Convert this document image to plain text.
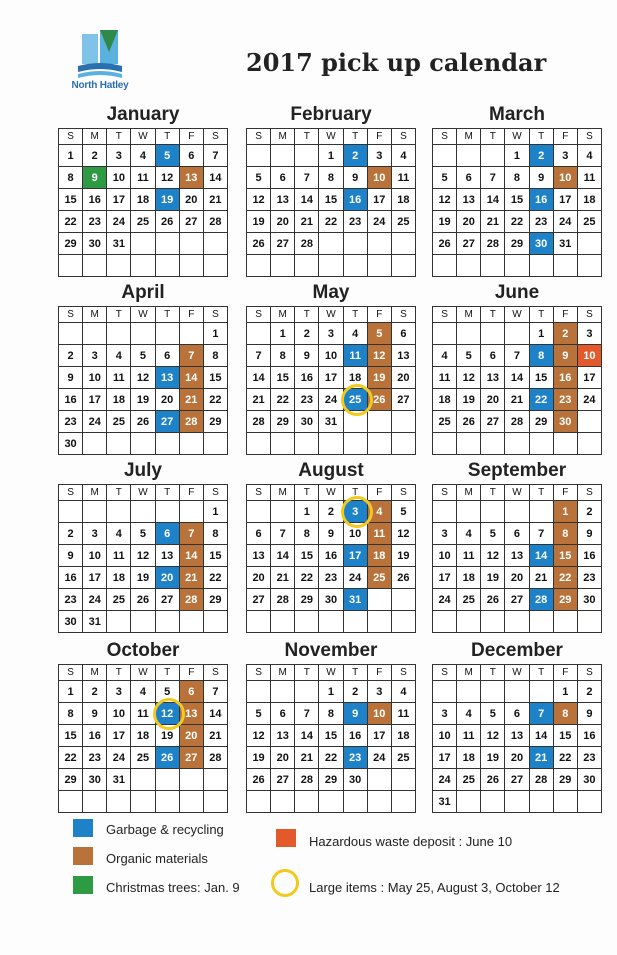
North Hatley
2017 pick up calendar
January
S	M	T	W	T	F	S
1	2	3	4	5	6	7
8	9	10	11	12	13	14
15	16	17	18	19	20	21
22	23	24	25	26	27	28
29	30	31				

February
S	M	T	W	T	F	S
			1	2	3	4
5	6	7	8	9	10	11
12	13	14	15	16	17	18
19	20	21	22	23	24	25
26	27	28				

March
S	M	T	W	T	F	S
			1	2	3	4
5	6	7	8	9	10	11
12	13	14	15	16	17	18
19	20	21	22	23	24	25
26	27	28	29	30	31	

April
S	M	T	W	T	F	S
						1
2	3	4	5	6	7	8
9	10	11	12	13	14	15
16	17	18	19	20	21	22
23	24	25	26	27	28	29
30						
May
S	M	T	W	T	F	S
	1	2	3	4	5	6
7	8	9	10	11	12	13
14	15	16	17	18	19	20
21	22	23	24	25	26	27
28	29	30	31			

June
S	M	T	W	T	F	S
				1	2	3
4	5	6	7	8	9	10
11	12	13	14	15	16	17
18	19	20	21	22	23	24
25	26	27	28	29	30	

July
S	M	T	W	T	F	S
						1
2	3	4	5	6	7	8
9	10	11	12	13	14	15
16	17	18	19	20	21	22
23	24	25	26	27	28	29
30	31					
August
S	M	T	W	T	F	S
		1	2	3	4	5
6	7	8	9	10	11	12
13	14	15	16	17	18	19
20	21	22	23	24	25	26
27	28	29	30	31		

September
S	M	T	W	T	F	S
					1	2
3	4	5	6	7	8	9
10	11	12	13	14	15	16
17	18	19	20	21	22	23
24	25	26	27	28	29	30

October
S	M	T	W	T	F	S
1	2	3	4	5	6	7
8	9	10	11	12	13	14
15	16	17	18	19	20	21
22	23	24	25	26	27	28
29	30	31				

November
S	M	T	W	T	F	S
			1	2	3	4
5	6	7	8	9	10	11
12	13	14	15	16	17	18
19	20	21	22	23	24	25
26	27	28	29	30		

December
S	M	T	W	T	F	S
					1	2
3	4	5	6	7	8	9
10	11	12	13	14	15	16
17	18	19	20	21	22	23
24	25	26	27	28	29	30
31						
Garbage & recycling
Organic materials
Christmas trees: Jan. 9
Hazardous waste deposit : June 10
Large items : May 25, August 3, October 12
